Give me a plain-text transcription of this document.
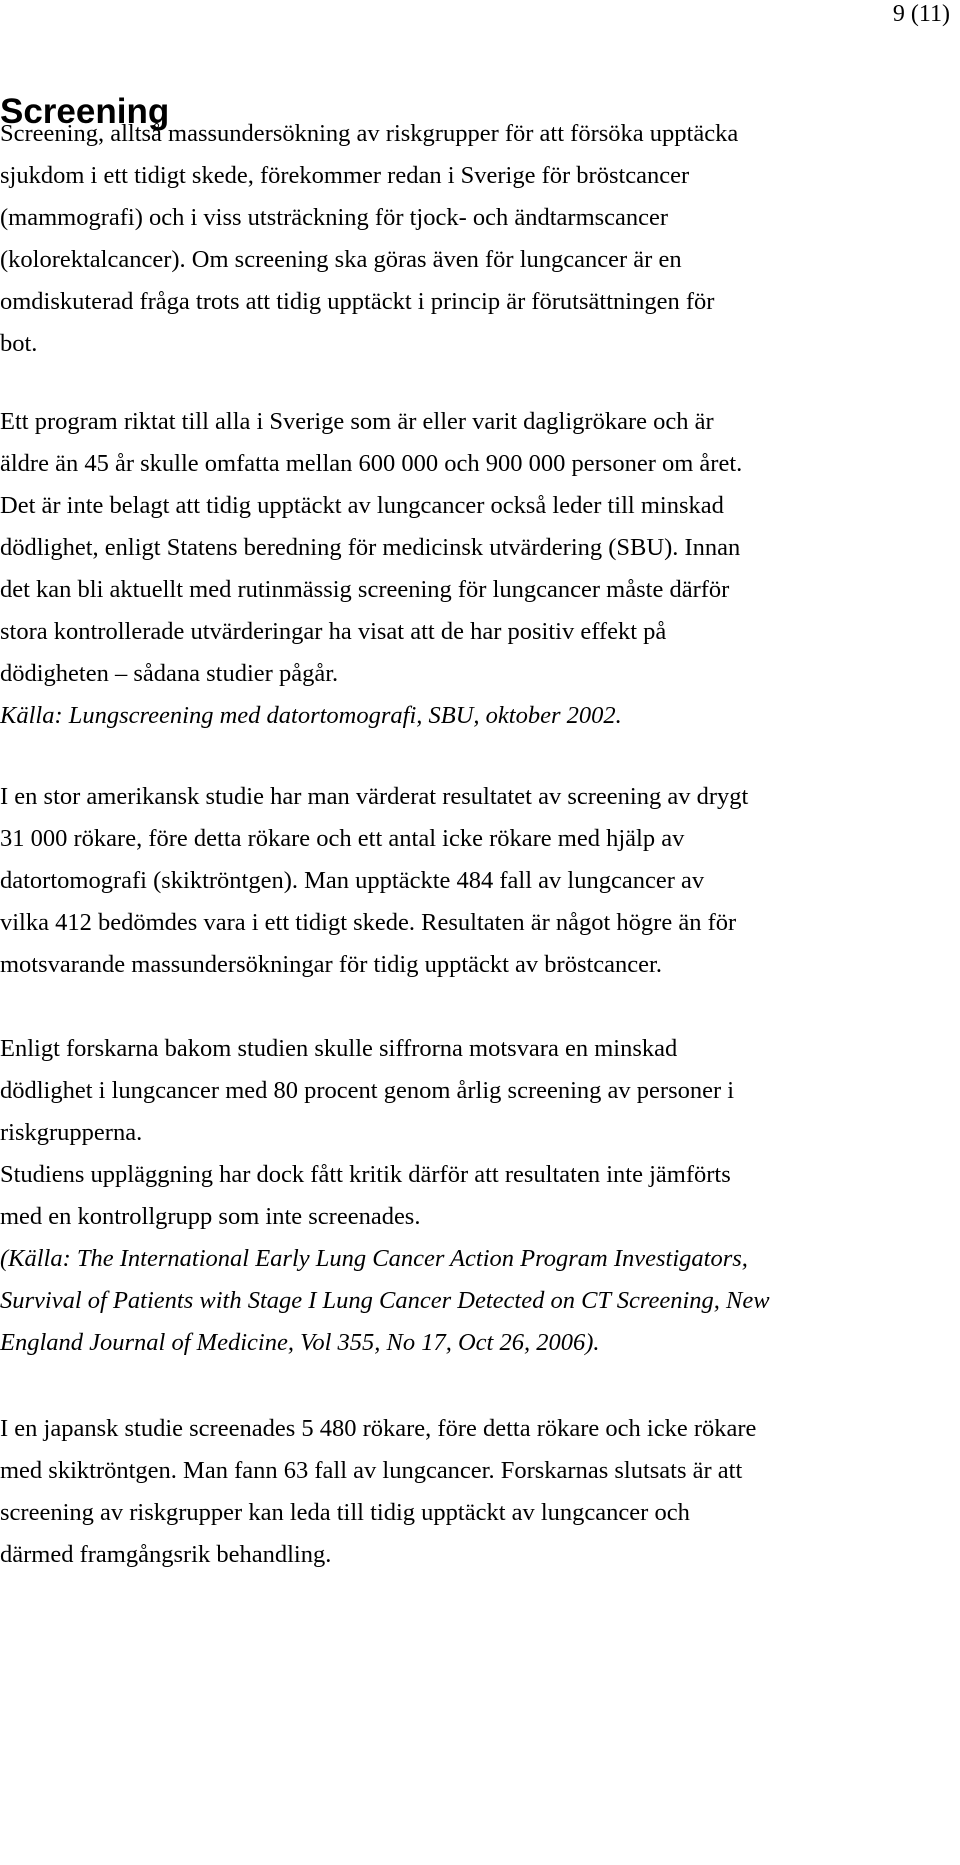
9 (11)
Screening
Screening, alltså massundersökning av riskgrupper för att försöka upptäcka
sjukdom i ett tidigt skede, förekommer redan i Sverige för bröstcancer
(mammografi) och i viss utsträckning för tjock- och ändtarmscancer
(kolorektalcancer). Om screening ska göras även för lungcancer är en
omdiskuterad fråga trots att tidig upptäckt i princip är förutsättningen för
bot.
Ett program riktat till alla i Sverige som är eller varit dagligrökare och är
äldre än 45 år skulle omfatta mellan 600 000 och 900 000 personer om året.
Det är inte belagt att tidig upptäckt av lungcancer också leder till minskad
dödlighet, enligt Statens beredning för medicinsk utvärdering (SBU). Innan
det kan bli aktuellt med rutinmässig screening för lungcancer måste därför
stora kontrollerade utvärderingar ha visat att de har positiv effekt på
dödigheten – sådana studier pågår.
Källa: Lungscreening med datortomografi, SBU, oktober 2002.
I en stor amerikansk studie har man värderat resultatet av screening av drygt
31 000 rökare, före detta rökare och ett antal icke rökare med hjälp av
datortomografi (skiktröntgen). Man upptäckte 484 fall av lungcancer av
vilka 412 bedömdes vara i ett tidigt skede. Resultaten är något högre än för
motsvarande massundersökningar för tidig upptäckt av bröstcancer.
Enligt forskarna bakom studien skulle siffrorna motsvara en minskad
dödlighet i lungcancer med 80 procent genom årlig screening av personer i
riskgrupperna.
Studiens uppläggning har dock fått kritik därför att resultaten inte jämförts
med en kontrollgrupp som inte screenades.
(Källa: The International Early Lung Cancer Action Program Investigators,
Survival of Patients with Stage I Lung Cancer Detected on CT Screening, New
England Journal of Medicine, Vol 355, No 17, Oct 26, 2006).
I en japansk studie screenades 5 480 rökare, före detta rökare och icke rökare
med skiktröntgen. Man fann 63 fall av lungcancer. Forskarnas slutsats är att
screening av riskgrupper kan leda till tidig upptäckt av lungcancer och
därmed framgångsrik behandling.
